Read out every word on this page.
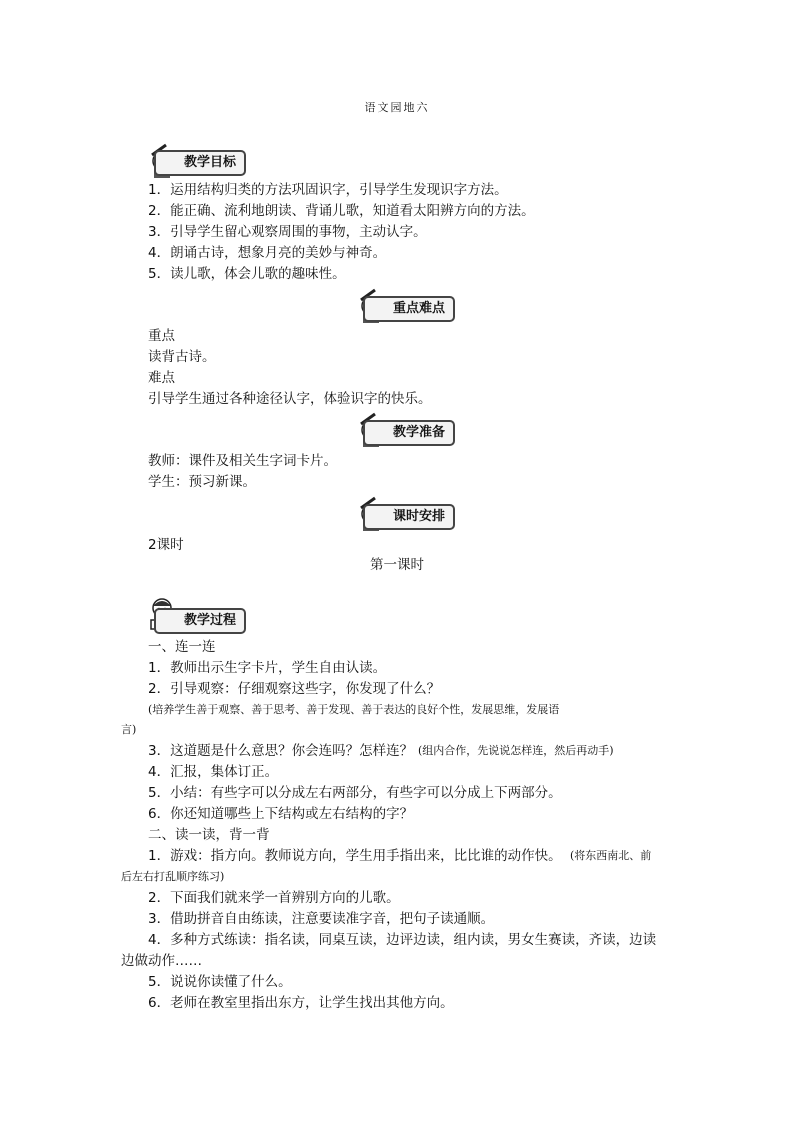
语文园地六
教学目标
1．运用结构归类的方法巩固识字，引导学生发现识字方法。
2．能正确、流利地朗读、背诵儿歌，知道看太阳辨方向的方法。
3．引导学生留心观察周围的事物，主动认字。
4．朗诵古诗，想象月亮的美妙与神奇。
5．读儿歌，体会儿歌的趣味性。
重点难点
重点
读背古诗。
难点
引导学生通过各种途径认字，体验识字的快乐。
教学准备
教师：课件及相关生字词卡片。
学生：预习新课。
课时安排
2课时
第一课时
教学过程
一、连一连
1．教师出示生字卡片，学生自由认读。
2．引导观察：仔细观察这些字，你发现了什么？
(培养学生善于观察、善于思考、善于发现、善于表达的良好个性，发展思维，发展语
言)
3．这道题是什么意思？你会连吗？怎样连？ (组内合作，先说说怎样连，然后再动手)
4．汇报，集体订正。
5．小结：有些字可以分成左右两部分，有些字可以分成上下两部分。
6．你还知道哪些上下结构或左右结构的字？
二、读一读，背一背
1．游戏：指方向。教师说方向，学生用手指出来，比比谁的动作快。 (将东西南北、前
后左右打乱顺序练习)
2．下面我们就来学一首辨别方向的儿歌。
3．借助拼音自由练读，注意要读准字音，把句子读通顺。
4．多种方式练读：指名读，同桌互读，边评边读，组内读，男女生赛读，齐读，边读
边做动作……
5．说说你读懂了什么。
6．老师在教室里指出东方，让学生找出其他方向。
